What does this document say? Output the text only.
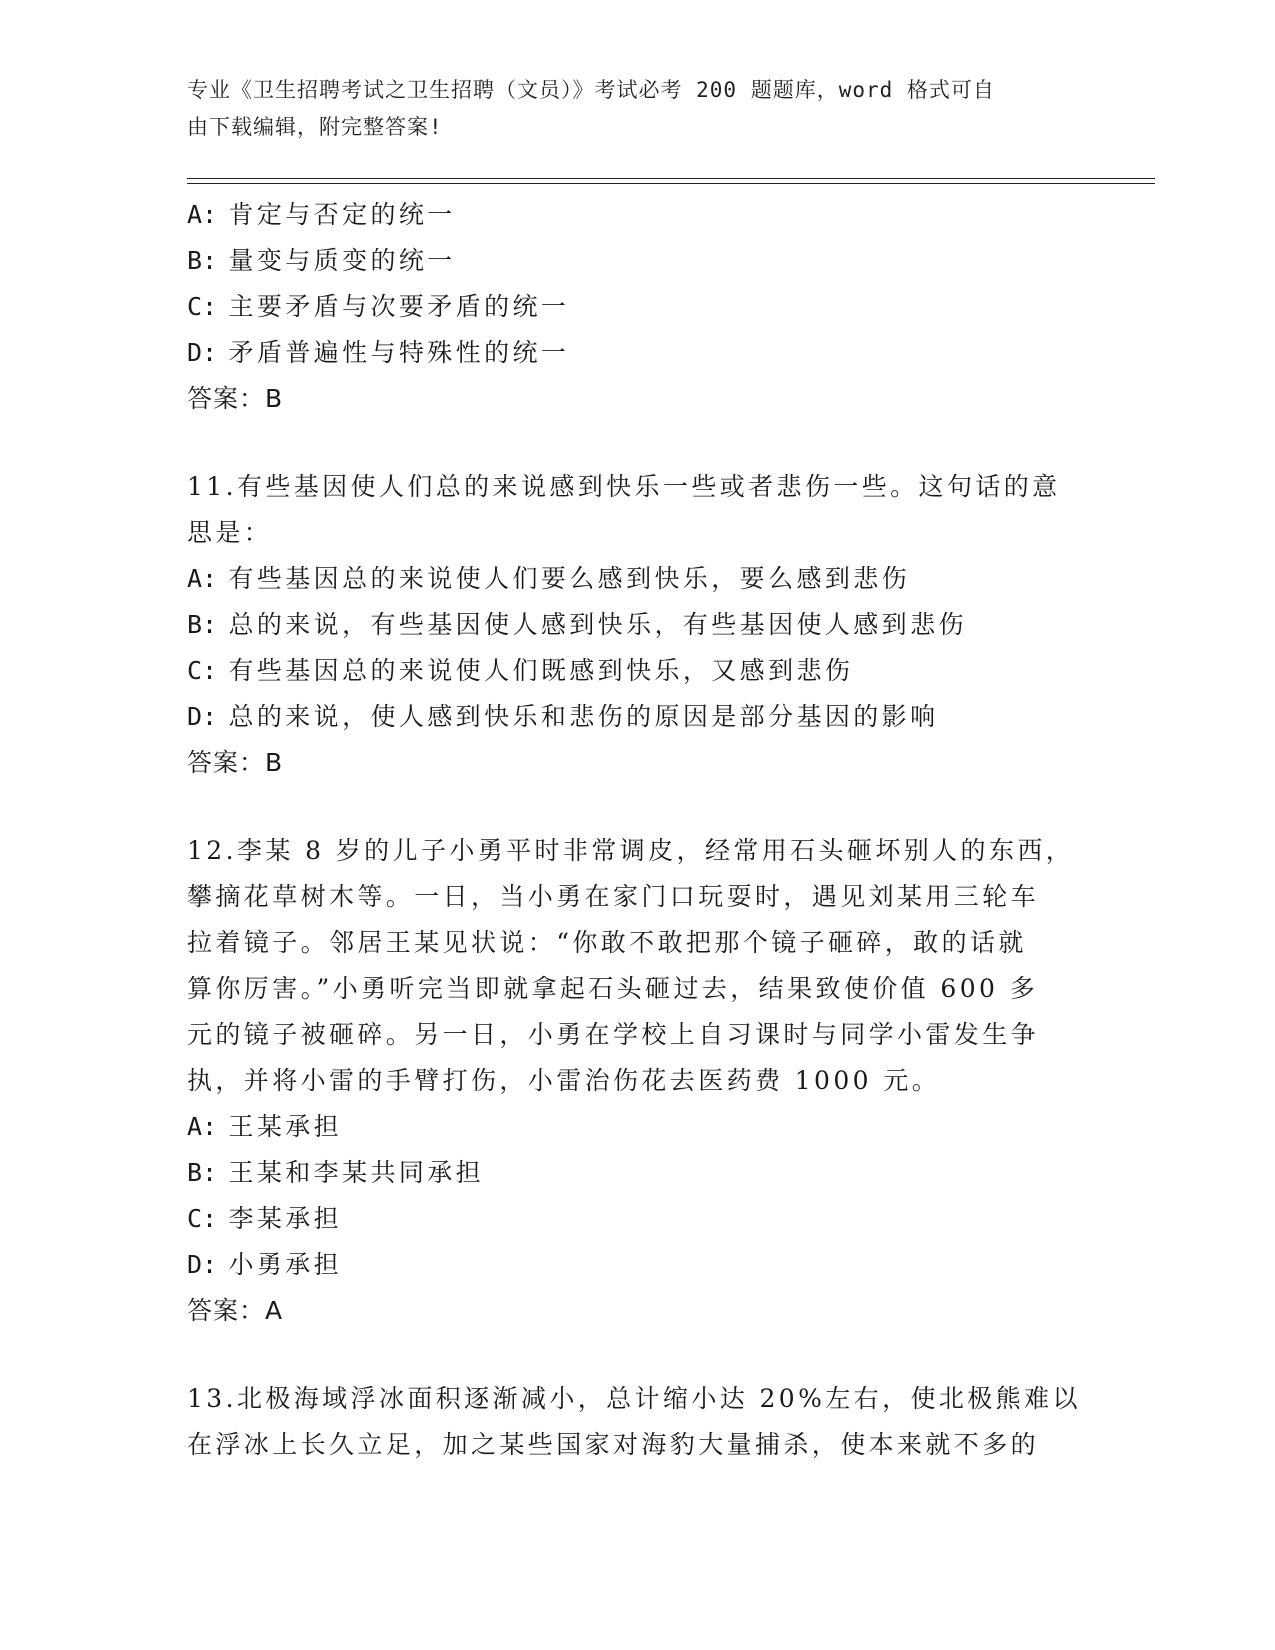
专业《卫生招聘考试之卫生招聘（文员）》考试必考 200 题题库，word 格式可自
由下载编辑，附完整答案!
A: 肯定与否定的统一
B: 量变与质变的统一
C: 主要矛盾与次要矛盾的统一
D: 矛盾普遍性与特殊性的统一
答案：B
11.有些基因使人们总的来说感到快乐一些或者悲伤一些。这句话的意
思是：
A: 有些基因总的来说使人们要么感到快乐，要么感到悲伤
B: 总的来说，有些基因使人感到快乐，有些基因使人感到悲伤
C: 有些基因总的来说使人们既感到快乐，又感到悲伤
D: 总的来说，使人感到快乐和悲伤的原因是部分基因的影响
答案：B
12.李某 8 岁的儿子小勇平时非常调皮，经常用石头砸坏别人的东西，
攀摘花草树木等。一日，当小勇在家门口玩耍时，遇见刘某用三轮车
拉着镜子。邻居王某见状说：“你敢不敢把那个镜子砸碎，敢的话就
算你厉害。”小勇听完当即就拿起石头砸过去，结果致使价值 600 多
元的镜子被砸碎。另一日，小勇在学校上自习课时与同学小雷发生争
执，并将小雷的手臂打伤，小雷治伤花去医药费 1000 元。
A: 王某承担
B: 王某和李某共同承担
C: 李某承担
D: 小勇承担
答案：A
13.北极海域浮冰面积逐渐减小，总计缩小达 20%左右，使北极熊难以
在浮冰上长久立足，加之某些国家对海豹大量捕杀，使本来就不多的
